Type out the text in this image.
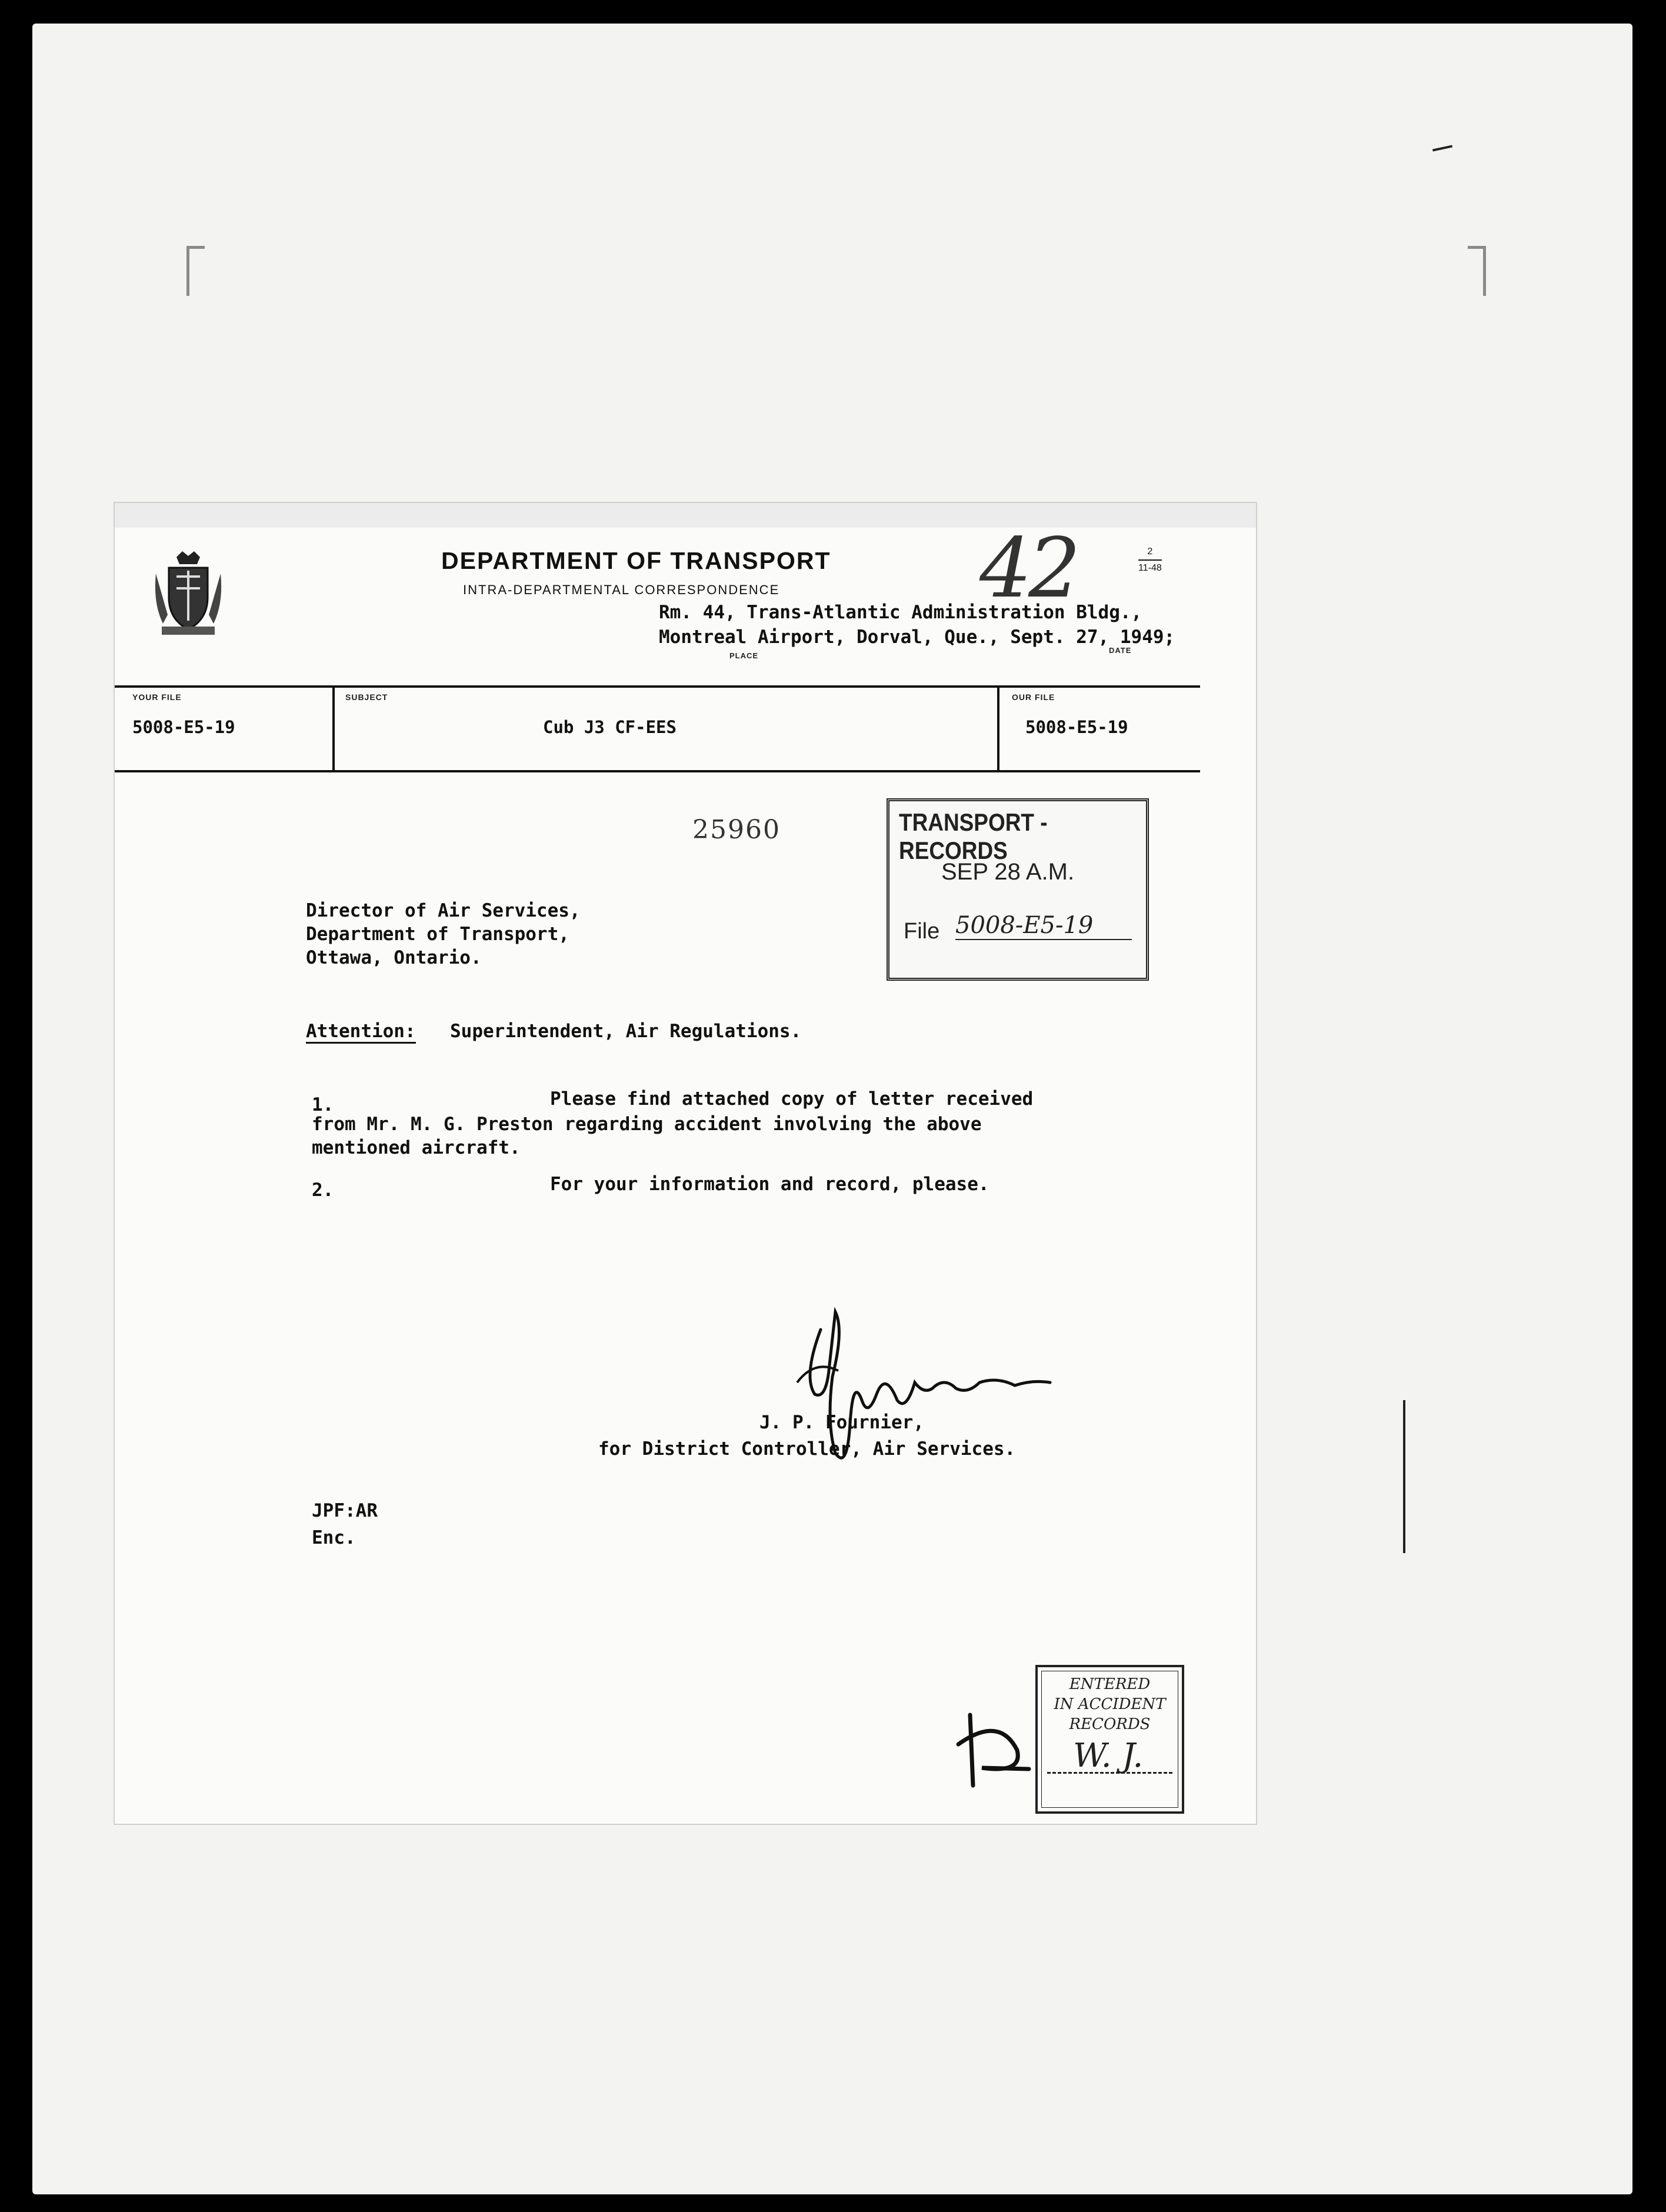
DEPARTMENT OF TRANSPORT
INTRA-DEPARTMENTAL CORRESPONDENCE 42	2
11-48
Rm. 44, Trans-Atlantic Administration Bldg.,
Montreal Airport, Dorval, Que., Sept. 27, 1949;
PLACE
DATE
YOUR FILE
5008-E5-19
SUBJECT
Cub J3 CF-EES
OUR FILE
5008-E5-19
25960	TRANSPORT - RECORDS
SEP 28 A.M.
File 5008-E5-19
Director of Air Services,
Department of Transport,
Ottawa, Ontario.
Attention: Superintendent, Air Regulations.
1.	Please find attached copy of letter received
from Mr. M. G. Preston regarding accident involving the above
mentioned aircraft.
2.	For your information and record, please.
J. P. Fournier,
for District Controller, Air Services.
JPF:AR
Enc.
ENTERED
IN ACCIDENT
RECORDS
W. J.
